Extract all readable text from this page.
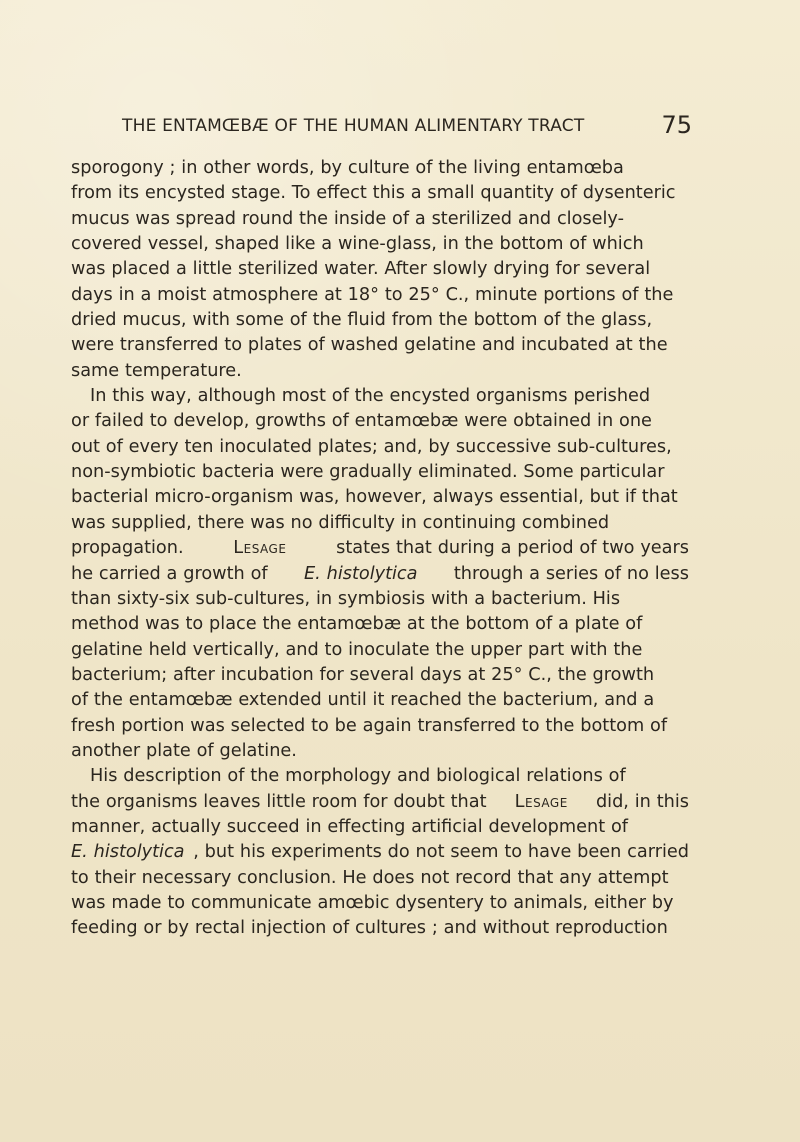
THE ENTAMŒBÆ OF THE HUMAN ALIMENTARY TRACT	75
sporogony ; in other words, by culture of the living entamœba
from its encysted stage. To effect this a small quantity of dysenteric
mucus was spread round the inside of a sterilized and closely-
covered vessel, shaped like a wine-glass, in the bottom of which
was placed a little sterilized water. After slowly drying for several
days in a moist atmosphere at 18° to 25° C., minute portions of the
dried mucus, with some of the fluid from the bottom of the glass,
were transferred to plates of washed gelatine and incubated at the
same temperature.
In this way, although most of the encysted organisms perished
or failed to develop, growths of entamœbæ were obtained in one
out of every ten inoculated plates; and, by successive sub-cultures,
non-symbiotic bacteria were gradually eliminated. Some particular
bacterial micro-organism was, however, always essential, but if that
was supplied, there was no difficulty in continuing combined
propagation.	Lesage	states that during a period of two years
he carried a growth of E. histolytica through a series of no less
than sixty-six sub-cultures, in symbiosis with a bacterium. His
method was to place the entamœbæ at the bottom of a plate of
gelatine held vertically, and to inoculate the upper part with the
bacterium; after incubation for several days at 25° C., the growth
of the entamœbæ extended until it reached the bacterium, and a
fresh portion was selected to be again transferred to the bottom of
another plate of gelatine.
His description of the morphology and biological relations of
the organisms leaves little room for doubt that Lesage did, in this
manner, actually succeed in effecting artificial development of
E. histolytica , but his experiments do not seem to have been carried
to their necessary conclusion. He does not record that any attempt
was made to communicate amœbic dysentery to animals, either by
feeding or by rectal injection of cultures ; and without reproduction
